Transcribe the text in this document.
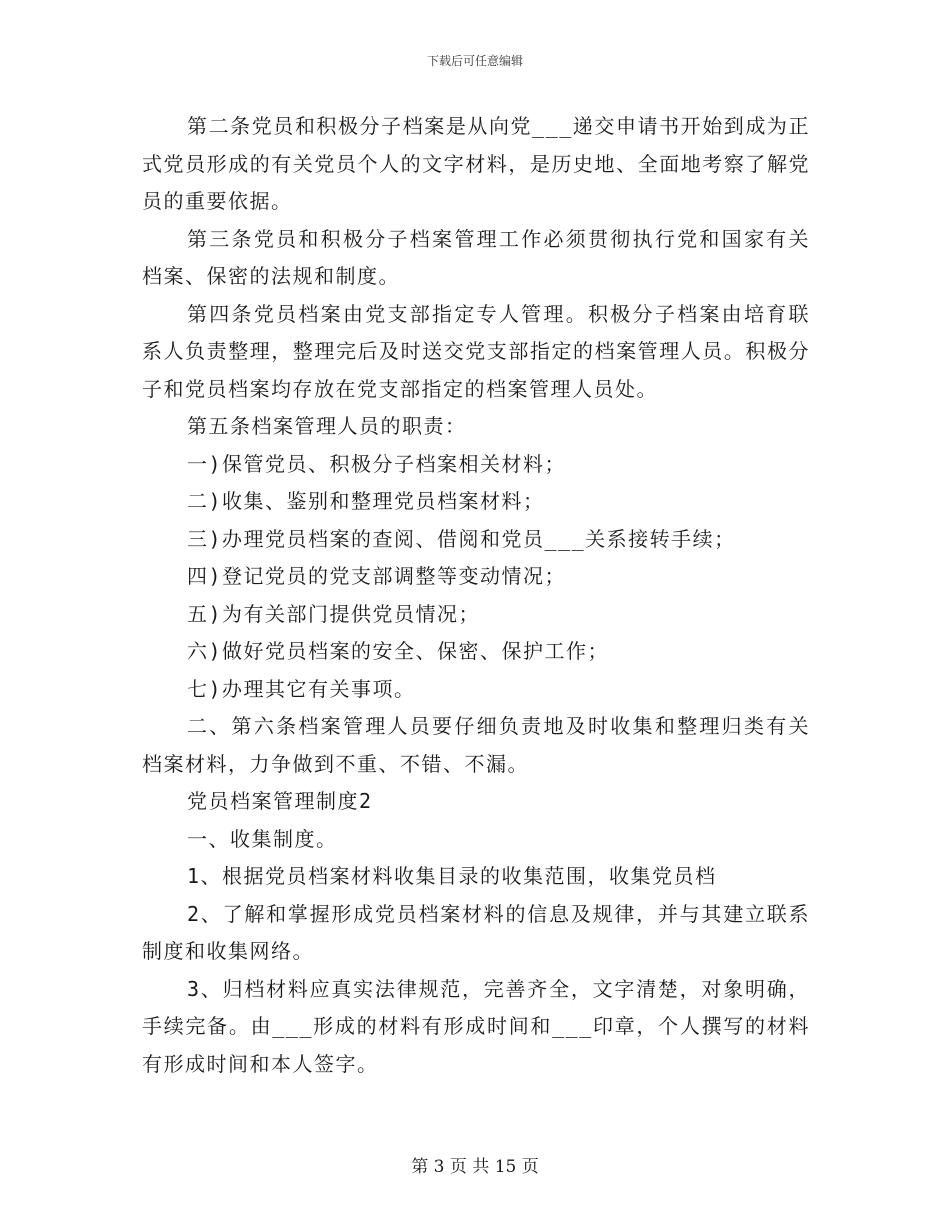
下载后可任意编辑

第二条党员和积极分子档案是从向党___递交申请书开始到成为正式党员形成的有关党员个人的文字材料，是历史地、全面地考察了解党员的重要依据。

第三条党员和积极分子档案管理工作必须贯彻执行党和国家有关档案、保密的法规和制度。

第四条党员档案由党支部指定专人管理。积极分子档案由培育联系人负责整理，整理完后及时送交党支部指定的档案管理人员。积极分子和党员档案均存放在党支部指定的档案管理人员处。

第五条档案管理人员的职责：

一)保管党员、积极分子档案相关材料；

二)收集、鉴别和整理党员档案材料；

三)办理党员档案的查阅、借阅和党员___关系接转手续；

四)登记党员的党支部调整等变动情况；

五)为有关部门提供党员情况；

六)做好党员档案的安全、保密、保护工作；

七)办理其它有关事项。

二、第六条档案管理人员要仔细负责地及时收集和整理归类有关档案材料，力争做到不重、不错、不漏。

党员档案管理制度2

一、收集制度。

1、根据党员档案材料收集目录的收集范围，收集党员档

2、了解和掌握形成党员档案材料的信息及规律，并与其建立联系制度和收集网络。

3、归档材料应真实法律规范，完善齐全，文字清楚，对象明确，手续完备。由___形成的材料有形成时间和___印章，个人撰写的材料有形成时间和本人签字。

第 3 页 共 15 页
